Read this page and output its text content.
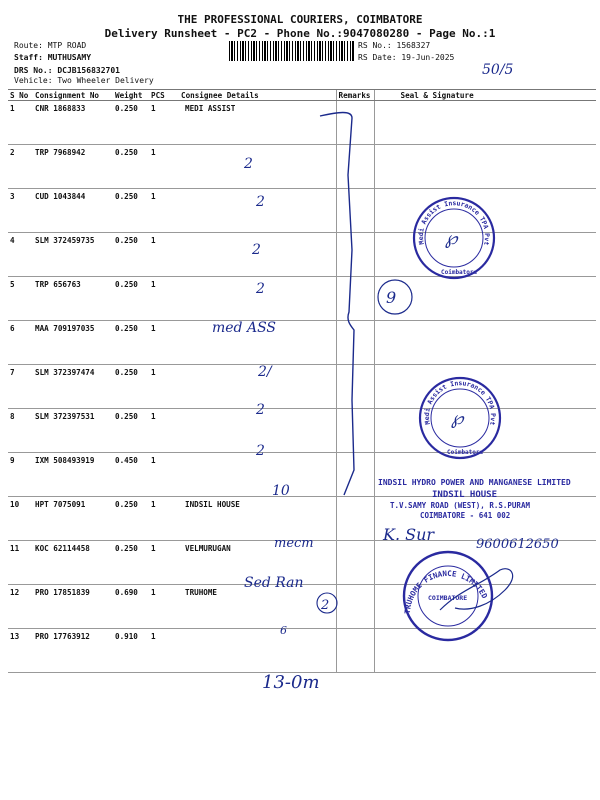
THE PROFESSIONAL COURIERS, COIMBATORE
Delivery Runsheet - PC2 - Phone No.:9047080280 - Page No.:1
Route: MTP ROAD
Staff: MUTHUSAMY
DRS No.: DCJB156832701
Vehicle: Two Wheeler Delivery
RS No.: 1568327
RS Date: 19-Jun-2025
S No	Consignment No	Weight	PCS	Consignee Details	Remarks	Seal & Signature
1	CNR 1868833	0.250	1	MEDI ASSIST		
2	TRP 7968942	0.250	1			
3	CUD 1043844	0.250	1			
4	SLM 372459735	0.250	1			
5	TRP 656763	0.250	1			
6	MAA 709197035	0.250	1			
7	SLM 372397474	0.250	1			
8	SLM 372397531	0.250	1			
9	IXM 508493919	0.450	1			
10	HPT 7075091	0.250	1	INDSIL HOUSE		
11	KOC 62114458	0.250	1	VELMURUGAN		
12	PRO 17851839	0.690	1	TRUHOME		
13	PRO 17763912	0.910	1			
50/5
2
2
2
2
med ASS
2/
2
2
9
10
mecm	K. Sur
9600612650
Sed Ran
2
6
13-0m
Medi Assist Insurance TPA Pvt
Coimbatore
℘
Medi Assist Insurance TPA Pvt
Coimbatore
℘
INDSIL HYDRO POWER AND MANGANESE LIMITED
INDSIL HOUSE
T.V.SAMY ROAD (WEST), R.S.PURAM
COIMBATORE - 641 002
TRUHOME FINANCE LIMITED
COIMBATORE
